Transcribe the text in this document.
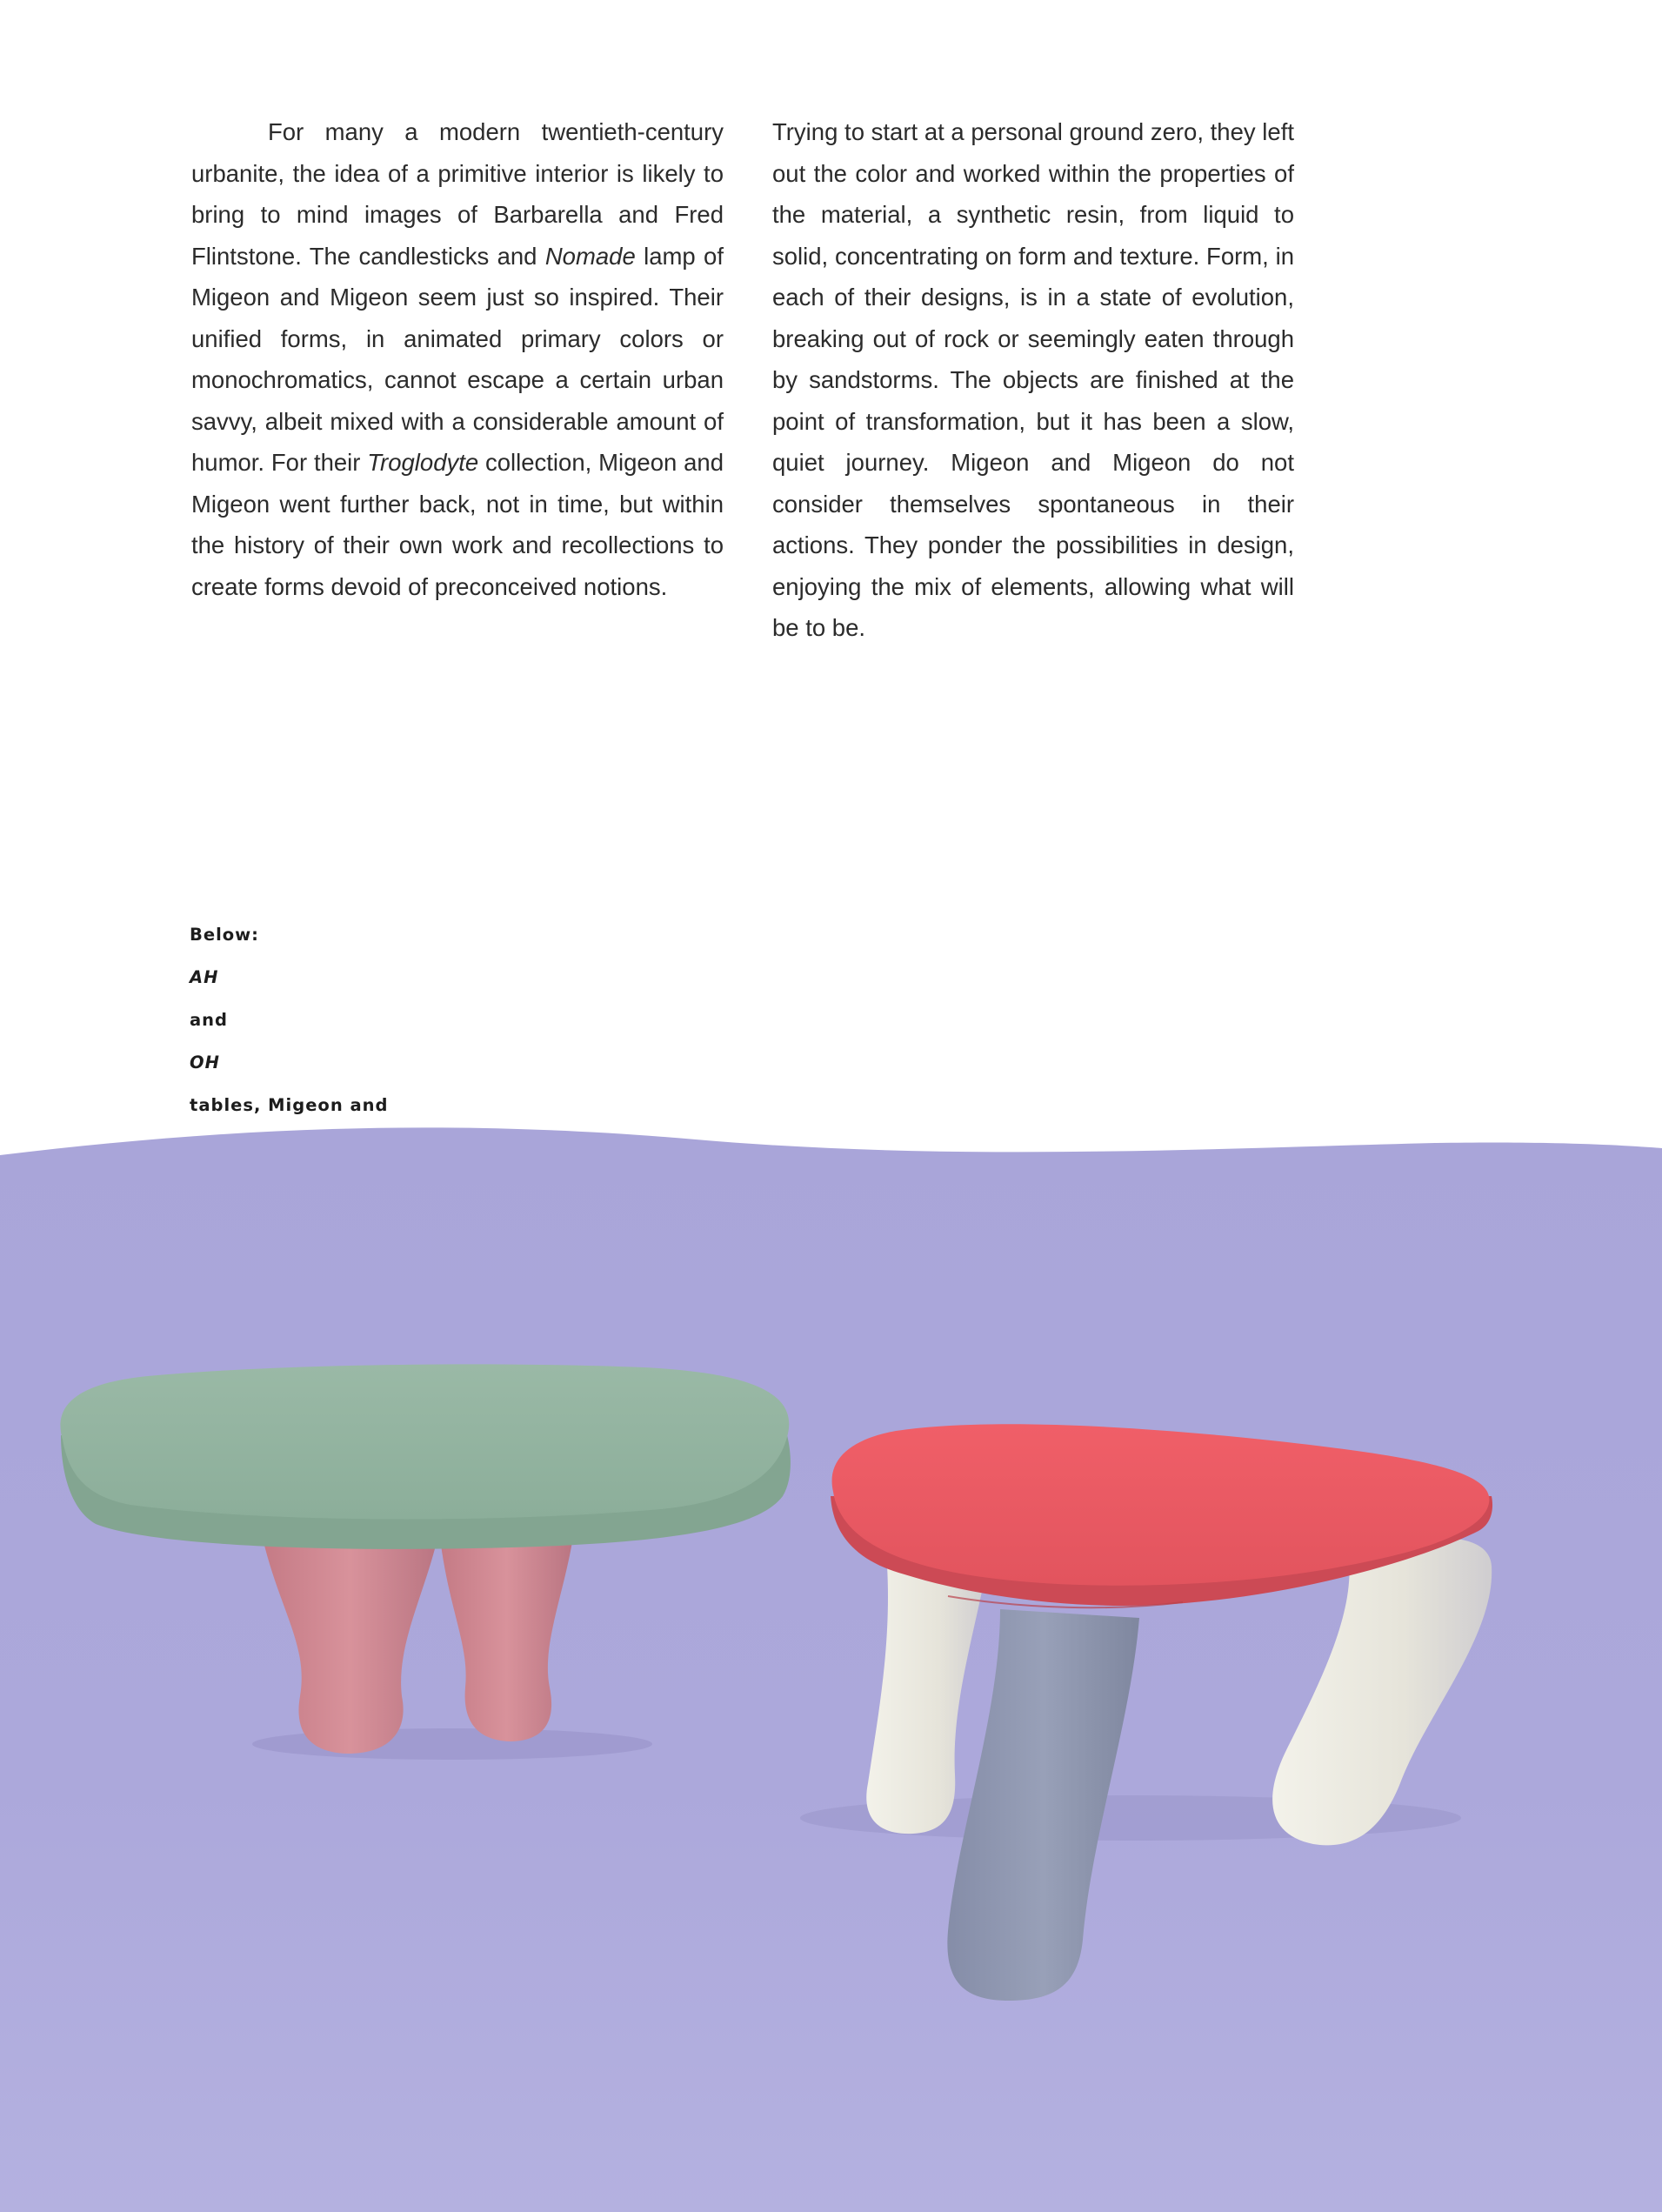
For many a modern twentieth-century urbanite, the idea of a primitive interior is likely to bring to mind images of Barbarella and Fred Flintstone. The candlesticks and Nomade lamp of Migeon and Migeon seem just so inspired. Their unified forms, in animated primary colors or monochromatics, cannot escape a certain urban savvy, albeit mixed with a considerable amount of humor. For their Troglodyte collection, Migeon and Migeon went further back, not in time, but within the history of their own work and recollections to create forms devoid of preconceived notions.

Trying to start at a personal ground zero, they left out the color and worked within the properties of the material, a synthetic resin, from liquid to solid, concentrating on form and texture. Form, in each of their designs, is in a state of evolution, breaking out of rock or seemingly eaten through by sandstorms. The objects are finished at the point of transformation, but it has been a slow, quiet journey. Migeon and Migeon do not consider themselves spontaneous in their actions. They ponder the possibilities in design, enjoying the mix of elements, allowing what will be to be.

Below:
AH
and
OH
tables, Migeon and
